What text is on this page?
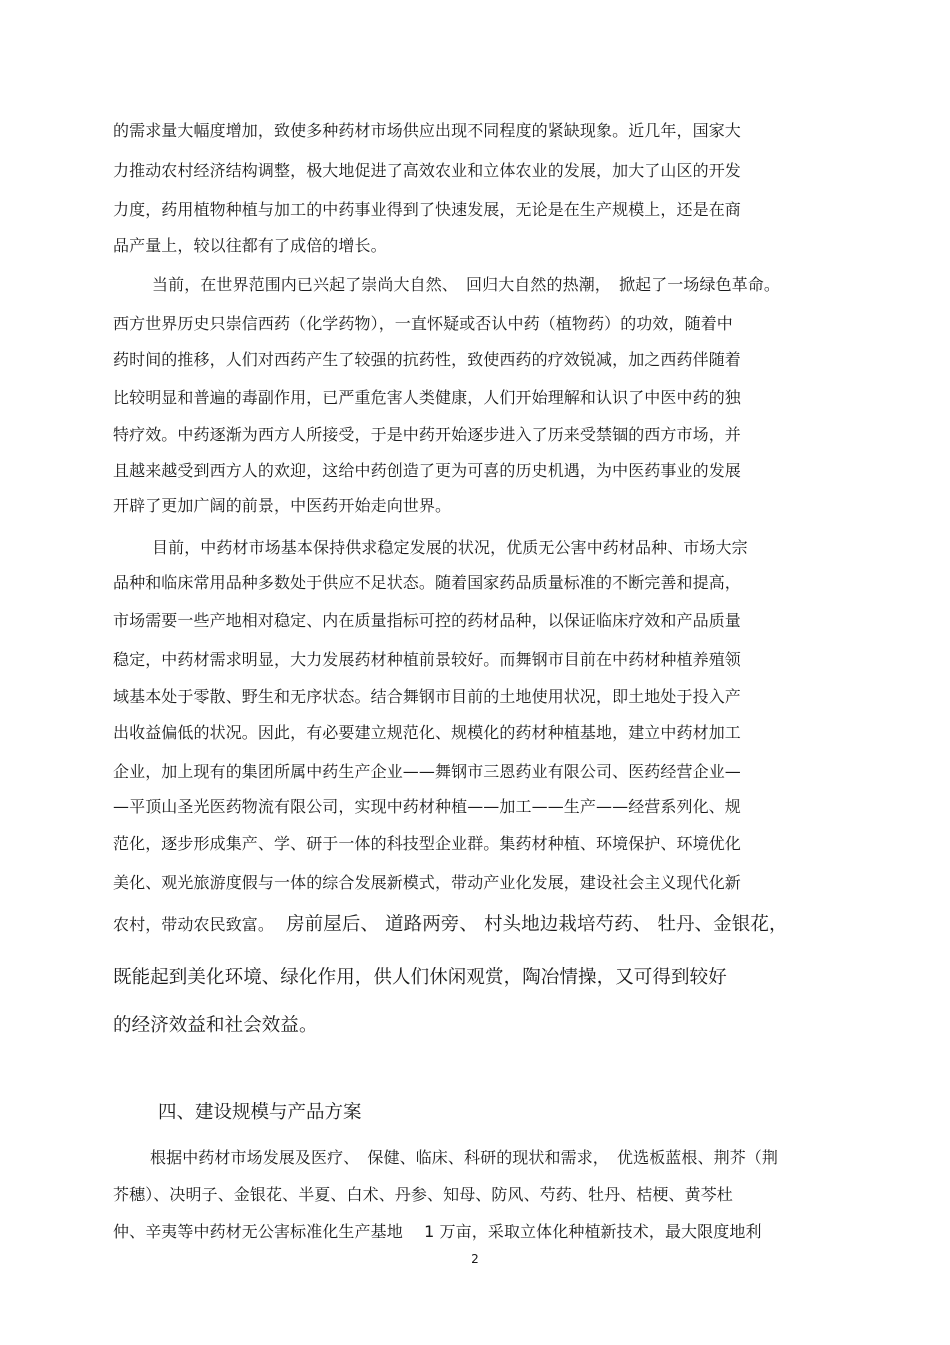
的需求量大幅度增加，致使多种药材市场供应出现不同程度的紧缺现象。近几年，国家大

力推动农村经济结构调整，极大地促进了高效农业和立体农业的发展，加大了山区的开发

力度，药用植物种植与加工的中药事业得到了快速发展，无论是在生产规模上，还是在商

品产量上，较以往都有了成倍的增长。

当前，在世界范围内已兴起了崇尚大自然、　回归大自然的热潮，　掀起了一场绿色革命。

西方世界历史只崇信西药（化学药物），一直怀疑或否认中药（植物药）的功效，随着中

药时间的推移，人们对西药产生了较强的抗药性，致使西药的疗效锐减，加之西药伴随着

比较明显和普遍的毒副作用，已严重危害人类健康，人们开始理解和认识了中医中药的独

特疗效。中药逐渐为西方人所接受，于是中药开始逐步进入了历来受禁锢的西方市场，并

且越来越受到西方人的欢迎，这给中药创造了更为可喜的历史机遇，为中医药事业的发展

开辟了更加广阔的前景，中医药开始走向世界。

目前，中药材市场基本保持供求稳定发展的状况，优质无公害中药材品种、市场大宗

品种和临床常用品种多数处于供应不足状态。随着国家药品质量标准的不断完善和提高，

市场需要一些产地相对稳定、内在质量指标可控的药材品种，以保证临床疗效和产品质量

稳定，中药材需求明显，大力发展药材种植前景较好。而舞钢市目前在中药材种植养殖领

域基本处于零散、野生和无序状态。结合舞钢市目前的土地使用状况，即土地处于投入产

出收益偏低的状况。因此，有必要建立规范化、规模化的药材种植基地，建立中药材加工

企业，加上现有的集团所属中药生产企业——舞钢市三恩药业有限公司、医药经营企业—

—平顶山圣光医药物流有限公司，实现中药材种植——加工——生产——经营系列化、规

范化，逐步形成集产、学、研于一体的科技型企业群。集药材种植、环境保护、环境优化

美化、观光旅游度假与一体的综合发展新模式，带动产业化发展，建设社会主义现代化新

农村，带动农民致富。 房前屋后、 道路两旁、 村头地边栽培芍药、 牡丹、金银花，

既能起到美化环境、绿化作用，供人们休闲观赏，陶冶情操，又可得到较好

的经济效益和社会效益。

四、建设规模与产品方案

根据中药材市场发展及医疗、　保健、临床、科研的现状和需求，　优选板蓝根、荆芥（荆

芥穗）、决明子、金银花、半夏、白术、丹参、知母、防风、芍药、牡丹、桔梗、黄芩杜

仲、辛夷等中药材无公害标准化生产基地　 1 万亩，采取立体化种植新技术，最大限度地利

2
